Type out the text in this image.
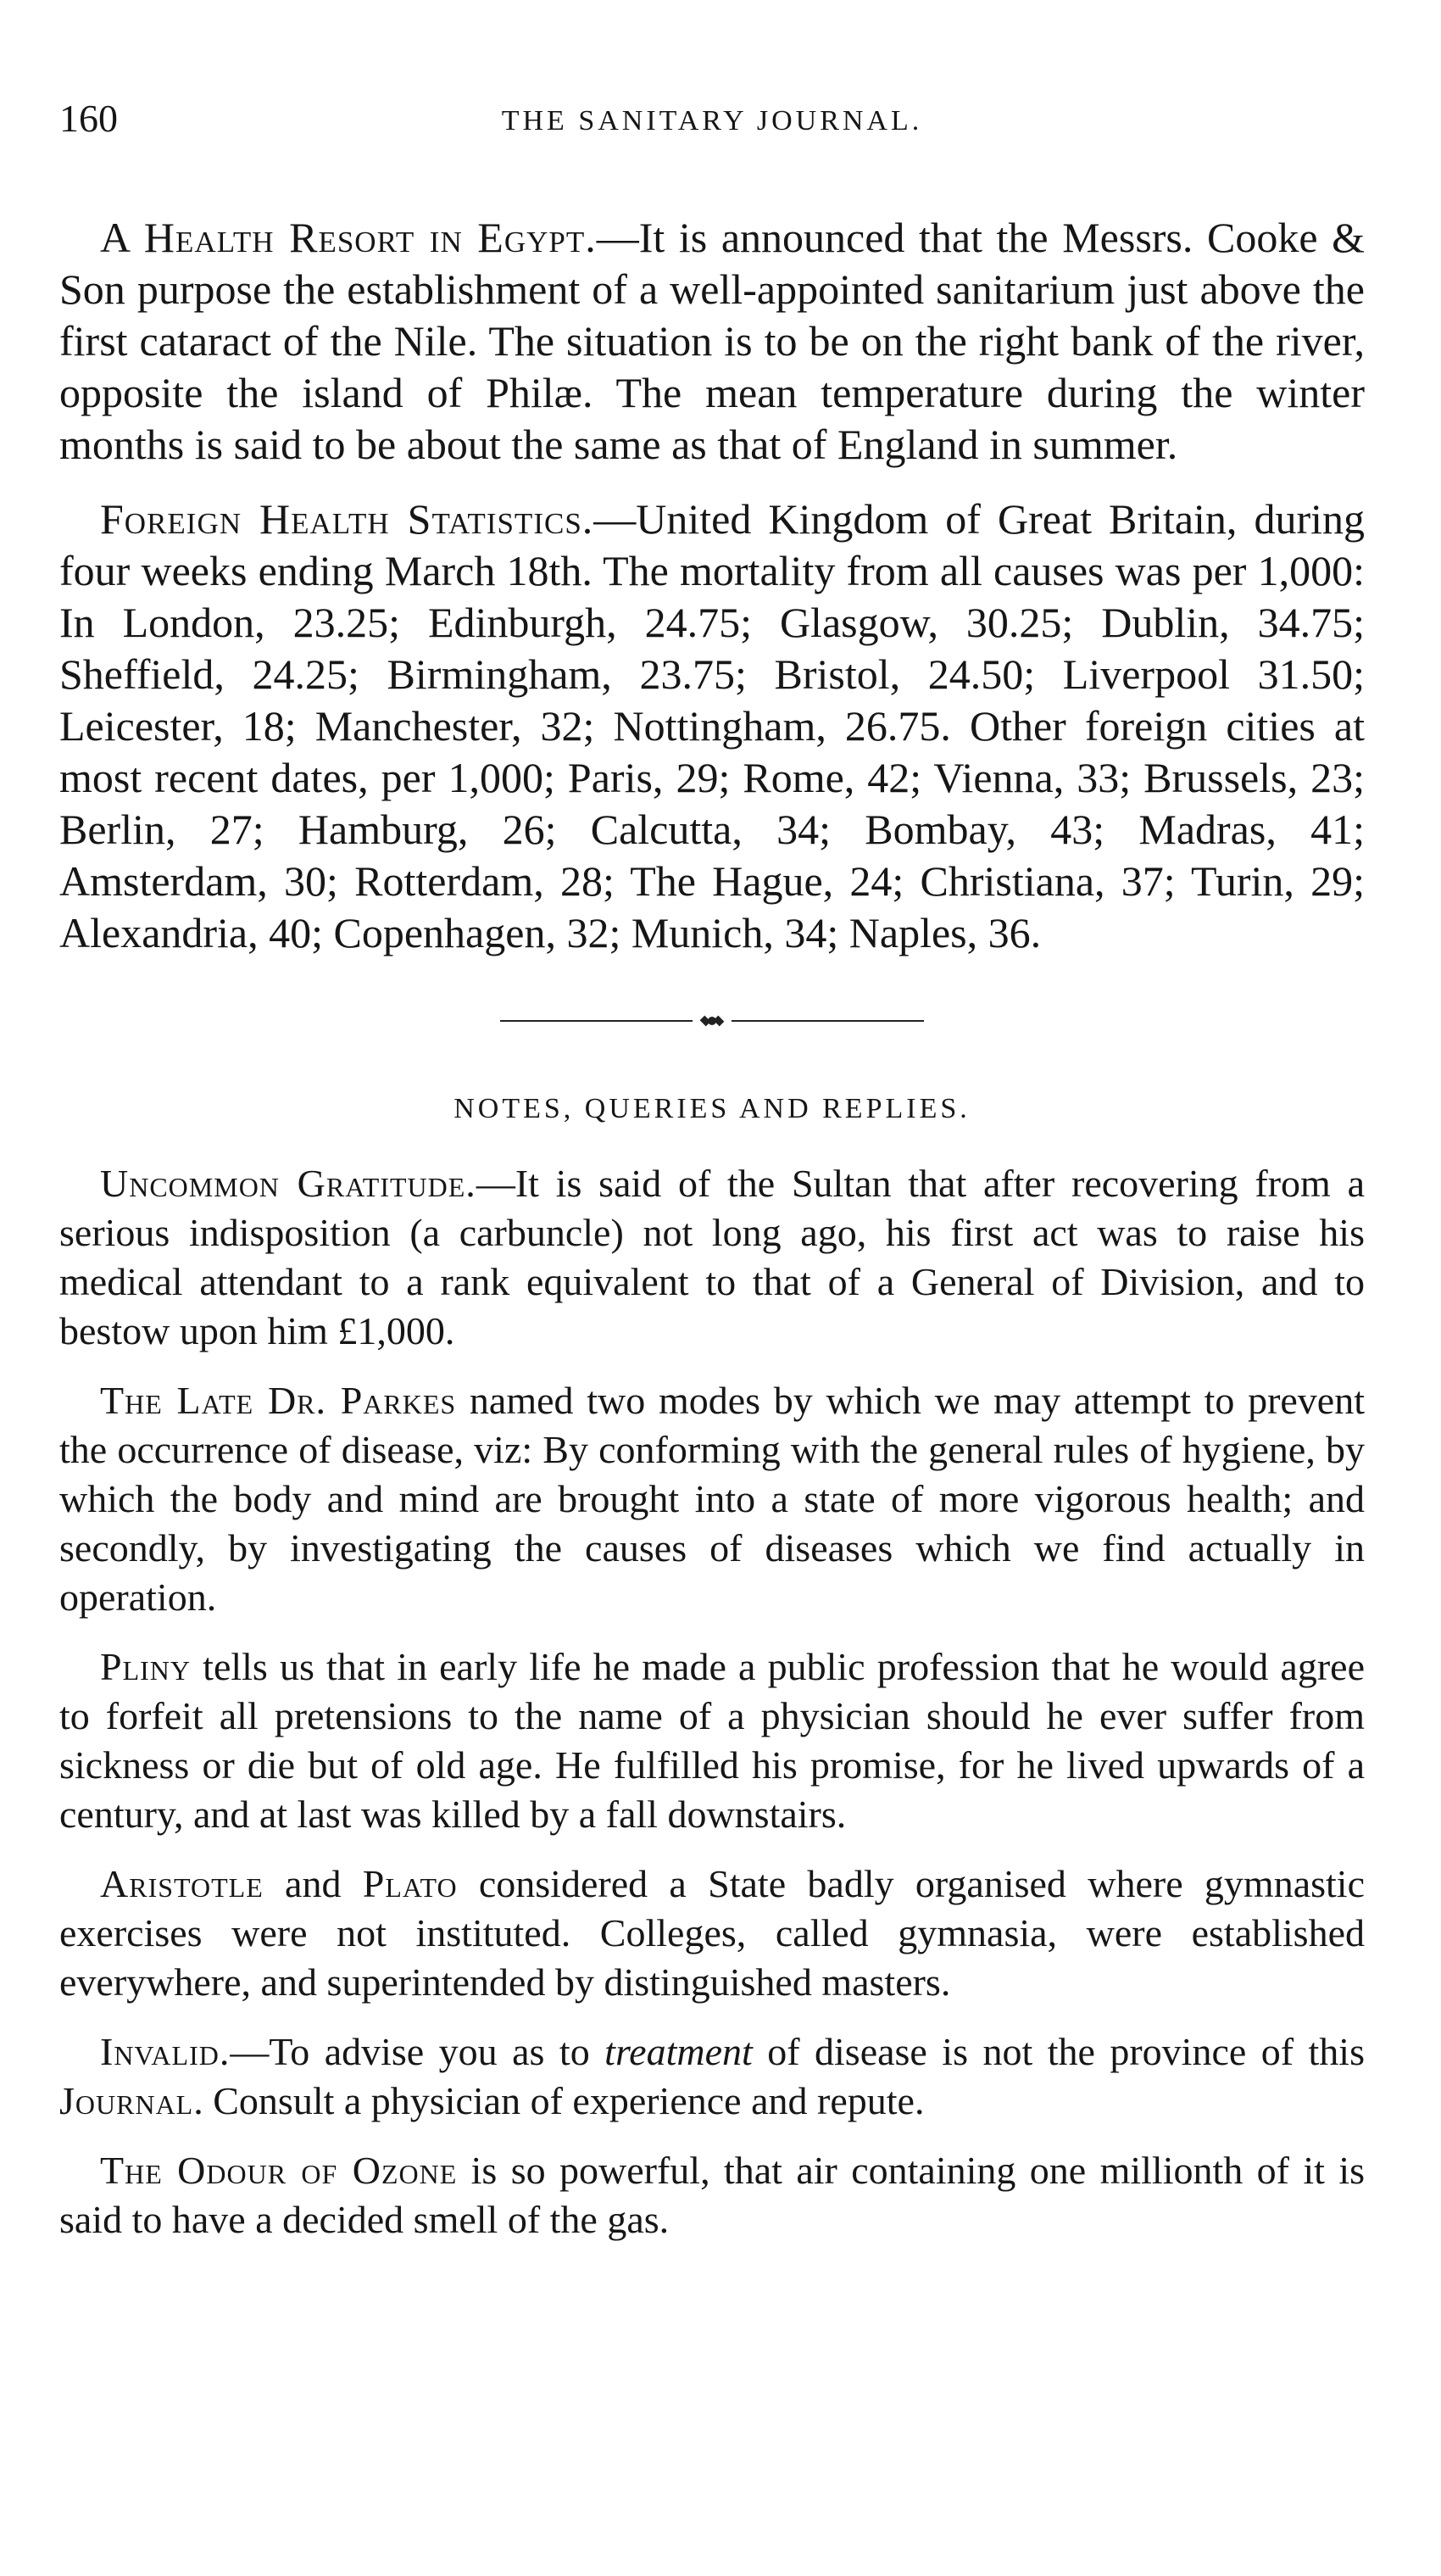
160	THE SANITARY JOURNAL.

A Health Resort in Egypt.—It is announced that the Messrs. Cooke & Son purpose the establishment of a well-appointed sanitarium just above the first cataract of the Nile. The situation is to be on the right bank of the river, opposite the island of Philæ. The mean temperature during the winter months is said to be about the same as that of England in summer.

Foreign Health Statistics.—United Kingdom of Great Britain, during four weeks ending March 18th. The mortality from all causes was per 1,000: In London, 23.25; Edinburgh, 24.75; Glasgow, 30.25; Dublin, 34.75; Sheffield, 24.25; Birmingham, 23.75; Bristol, 24.50; Liverpool 31.50; Leicester, 18; Manchester, 32; Nottingham, 26.75. Other foreign cities at most recent dates, per 1,000; Paris, 29; Rome, 42; Vienna, 33; Brussels, 23; Berlin, 27; Hamburg, 26; Calcutta, 34; Bombay, 43; Madras, 41; Amsterdam, 30; Rotterdam, 28; The Hague, 24; Christiana, 37; Turin, 29; Alexandria, 40; Copenhagen, 32; Munich, 34; Naples, 36.

NOTES, QUERIES AND REPLIES.

Uncommon Gratitude.—It is said of the Sultan that after recovering from a serious indisposition (a carbuncle) not long ago, his first act was to raise his medical attendant to a rank equivalent to that of a General of Division, and to bestow upon him £1,000.

The Late Dr. Parkes named two modes by which we may attempt to prevent the occurrence of disease, viz: By conforming with the general rules of hygiene, by which the body and mind are brought into a state of more vigorous health; and secondly, by investigating the causes of diseases which we find actually in operation.

Pliny tells us that in early life he made a public profession that he would agree to forfeit all pretensions to the name of a physician should he ever suffer from sickness or die but of old age. He fulfilled his promise, for he lived upwards of a century, and at last was killed by a fall downstairs.

Aristotle and Plato considered a State badly organised where gymnastic exercises were not instituted. Colleges, called gymnasia, were established everywhere, and superintended by distinguished masters.

Invalid.—To advise you as to treatment of disease is not the province of this Journal. Consult a physician of experience and repute.

The Odour of Ozone is so powerful, that air containing one millionth of it is said to have a decided smell of the gas.
